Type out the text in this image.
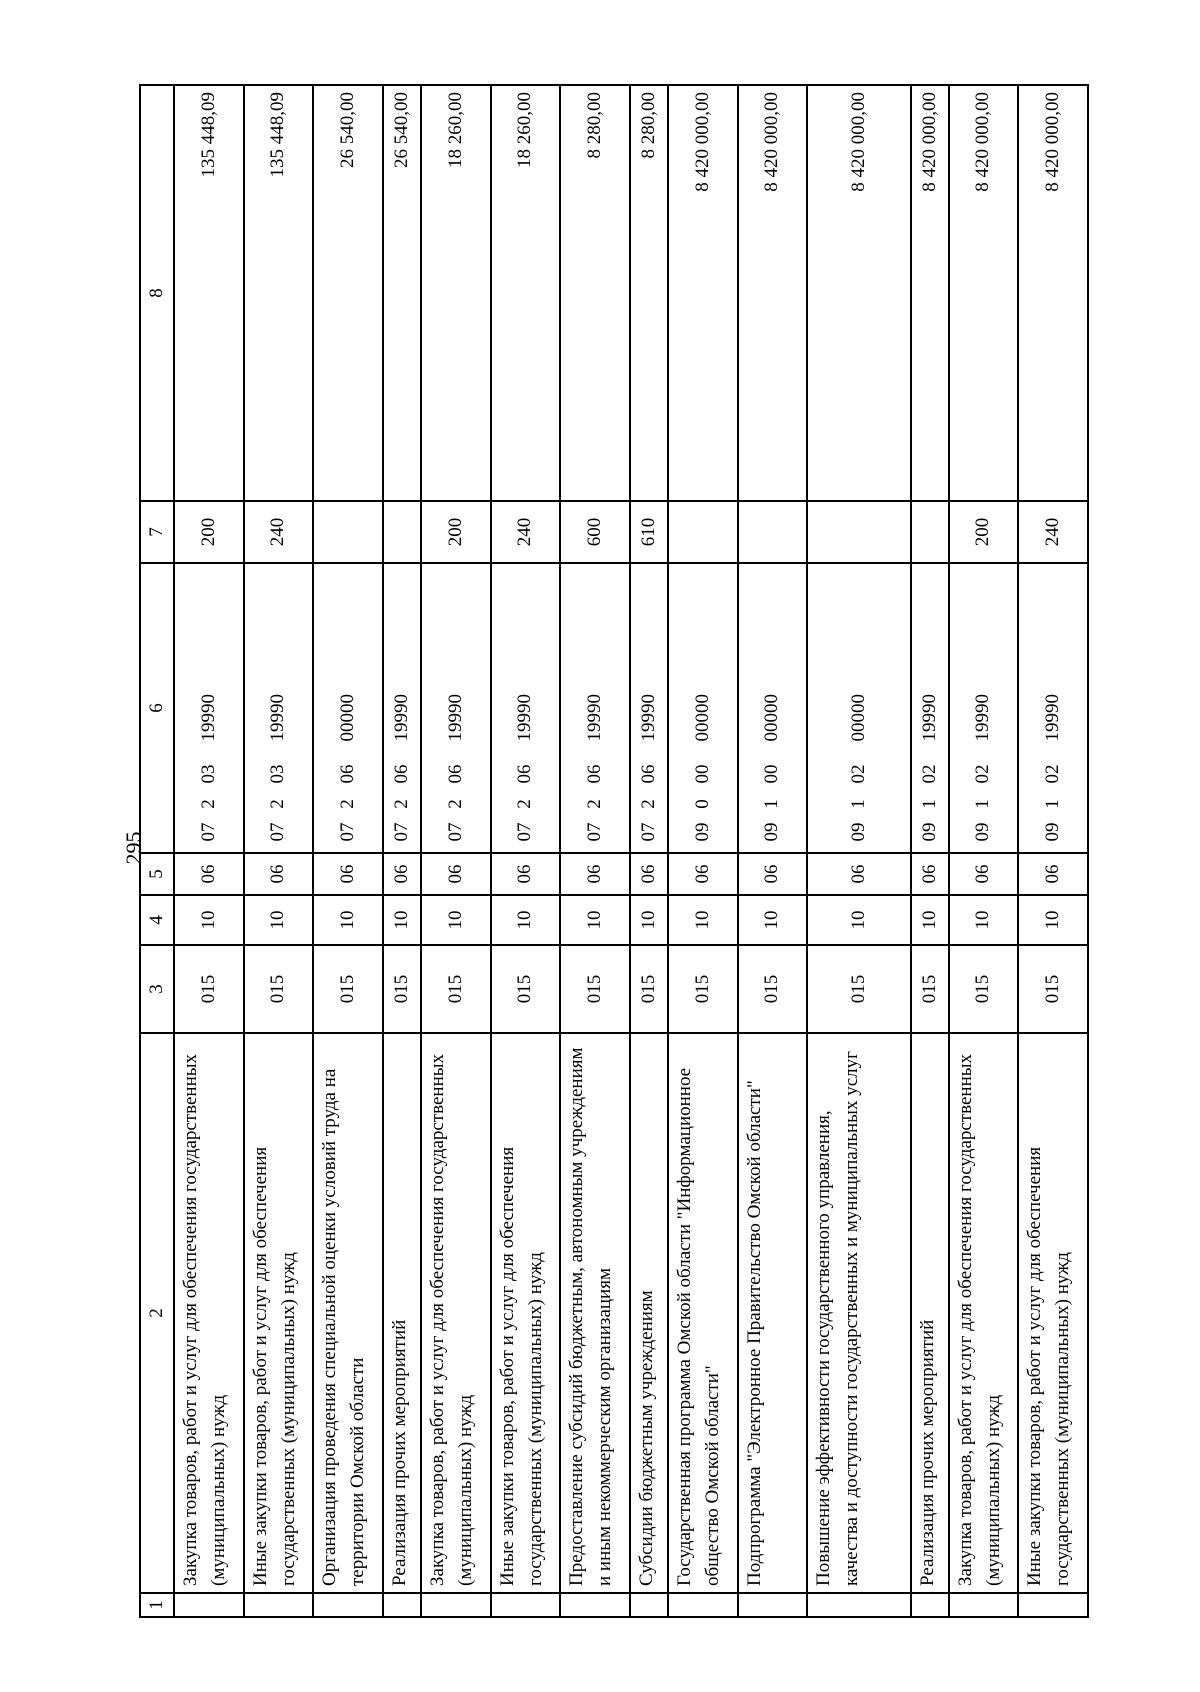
295
1	2	3	4	5	6	7	8
	Закупка товаров, работ и услуг для обеспечения государственных (муниципальных) нужд	015	10	06	0720319990	200	135 448,09
	Иные закупки товаров, работ и услуг для обеспечения государственных (муниципальных) нужд	015	10	06	0720319990	240	135 448,09
	Организация проведения специальной оценки условий труда на территории Омской области	015	10	06	0720600000		26 540,00
	Реализация прочих мероприятий	015	10	06	0720619990		26 540,00
	Закупка товаров, работ и услуг для обеспечения государственных (муниципальных) нужд	015	10	06	0720619990	200	18 260,00
	Иные закупки товаров, работ и услуг для обеспечения государственных (муниципальных) нужд	015	10	06	0720619990	240	18 260,00
	Предоставление субсидий бюджетным, автономным учреждениям и иным некоммерческим организациям	015	10	06	0720619990	600	8 280,00
	Субсидии бюджетным учреждениям	015	10	06	0720619990	610	8 280,00
	Государственная программа Омской области "Информационное общество Омской области"	015	10	06	0900000000		8 420 000,00
	Подпрограмма "Электронное Правительство Омской области"	015	10	06	0910000000		8 420 000,00
	Повышение эффективности государственного управления, качества и доступности государственных и муниципальных услуг	015	10	06	0910200000		8 420 000,00
	Реализация прочих мероприятий	015	10	06	0910219990		8 420 000,00
	Закупка товаров, работ и услуг для обеспечения государственных (муниципальных) нужд	015	10	06	0910219990	200	8 420 000,00
	Иные закупки товаров, работ и услуг для обеспечения государственных (муниципальных) нужд	015	10	06	0910219990	240	8 420 000,00
